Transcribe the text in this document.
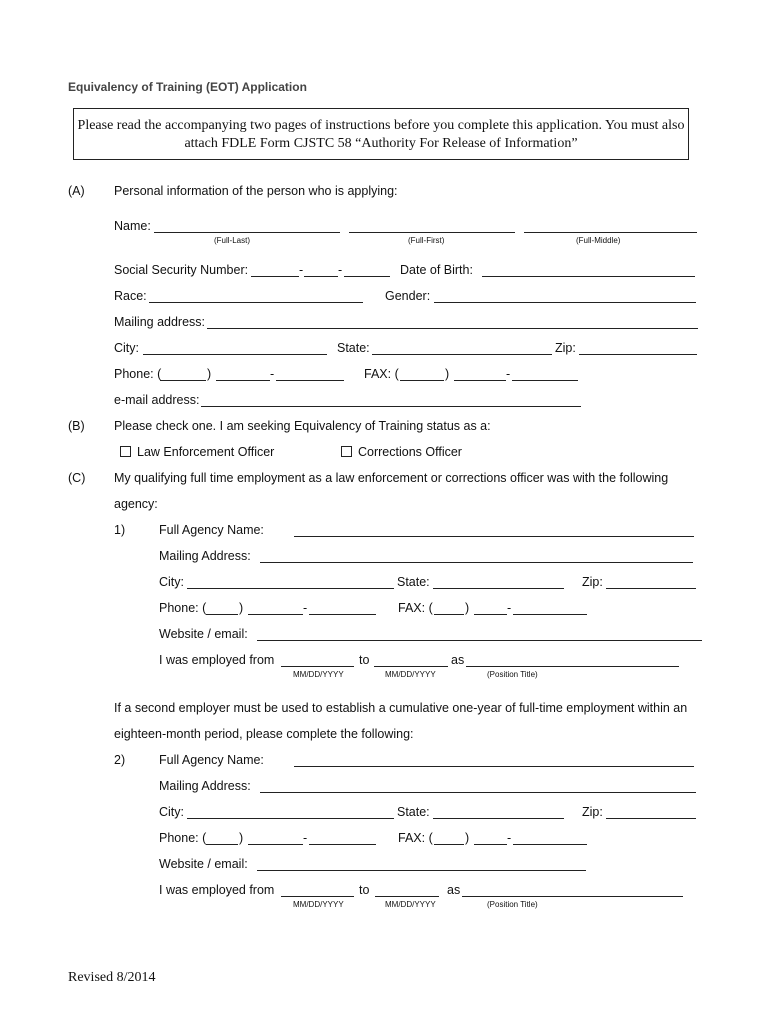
Equivalency of Training (EOT) Application
Please read the accompanying two pages of instructions before you complete this application. You must also attach FDLE Form CJSTC 58 “Authority For Release of Information”
(A) Personal information of the person who is applying:
Name:
(Full-Last)	(Full-First)	(Full-Middle)
Social Security Number:	-	-	Date of Birth:
Race:	Gender:
Mailing address:
City:	State:	Zip:
Phone: (	)	-	FAX: (	)	-
e-mail address:
(B) Please check one. I am seeking Equivalency of Training status as a:
Law Enforcement Officer	Corrections Officer
(C) My qualifying full time employment as a law enforcement or corrections officer was with the following
agency:
1)	Full Agency Name:
Mailing Address:
City:	State:	Zip:
Phone: (	)	-	FAX: (	)	-
Website / email:
I was employed from	to	as
MM/DD/YYYY	MM/DD/YYYY	(Position Title)
If a second employer must be used to establish a cumulative one-year of full-time employment within an
eighteen-month period, please complete the following:
2)	Full Agency Name:
Mailing Address:
City:	State:	Zip:
Phone: (	)	-	FAX: (	)	-
Website / email:
I was employed from	to	as
MM/DD/YYYY	MM/DD/YYYY	(Position Title)
Revised 8/2014
